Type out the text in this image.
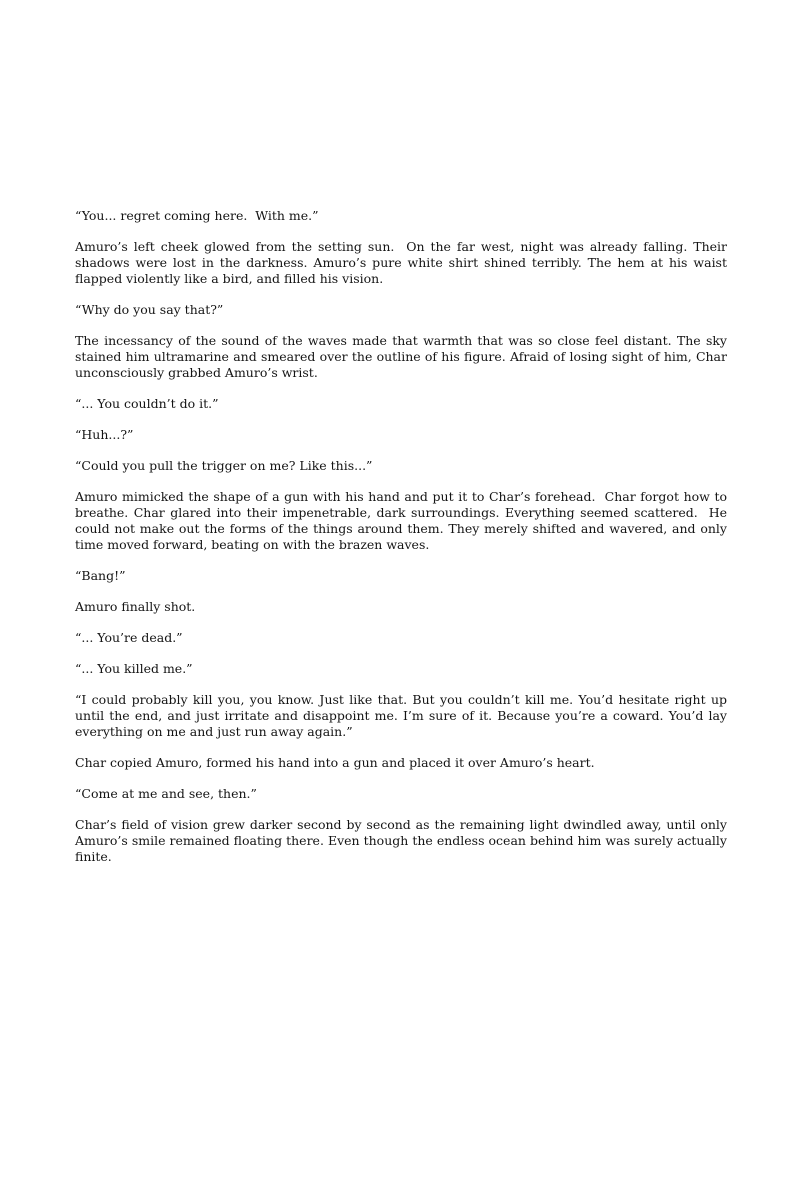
“You... regret coming here.  With me.”

Amuro’s left cheek glowed from the setting sun.  On the far west, night was already falling. Their shadows were lost in the darkness. Amuro’s pure white shirt shined terribly. The hem at his waist flapped violently like a bird, and filled his vision.

“Why do you say that?”

The incessancy of the sound of the waves made that warmth that was so close feel distant. The sky stained him ultramarine and smeared over the outline of his figure. Afraid of losing sight of him, Char unconsciously grabbed Amuro’s wrist.

“... You couldn’t do it.”

“Huh...?”

“Could you pull the trigger on me? Like this...”

Amuro mimicked the shape of a gun with his hand and put it to Char’s forehead.  Char forgot how to breathe. Char glared into their impenetrable, dark surroundings. Everything seemed scattered.  He could not make out the forms of the things around them. They merely shifted and wavered, and only time moved forward, beating on with the brazen waves.

“Bang!”

Amuro finally shot.

“... You’re dead.”

“... You killed me.”

“I could probably kill you, you know. Just like that. But you couldn’t kill me. You’d hesitate right up until the end, and just irritate and disappoint me. I’m sure of it. Because you’re a coward. You’d lay everything on me and just run away again.”

Char copied Amuro, formed his hand into a gun and placed it over Amuro’s heart.

“Come at me and see, then.”

Char’s field of vision grew darker second by second as the remaining light dwindled away, until only Amuro’s smile remained floating there. Even though the endless ocean behind him was surely actually finite.
